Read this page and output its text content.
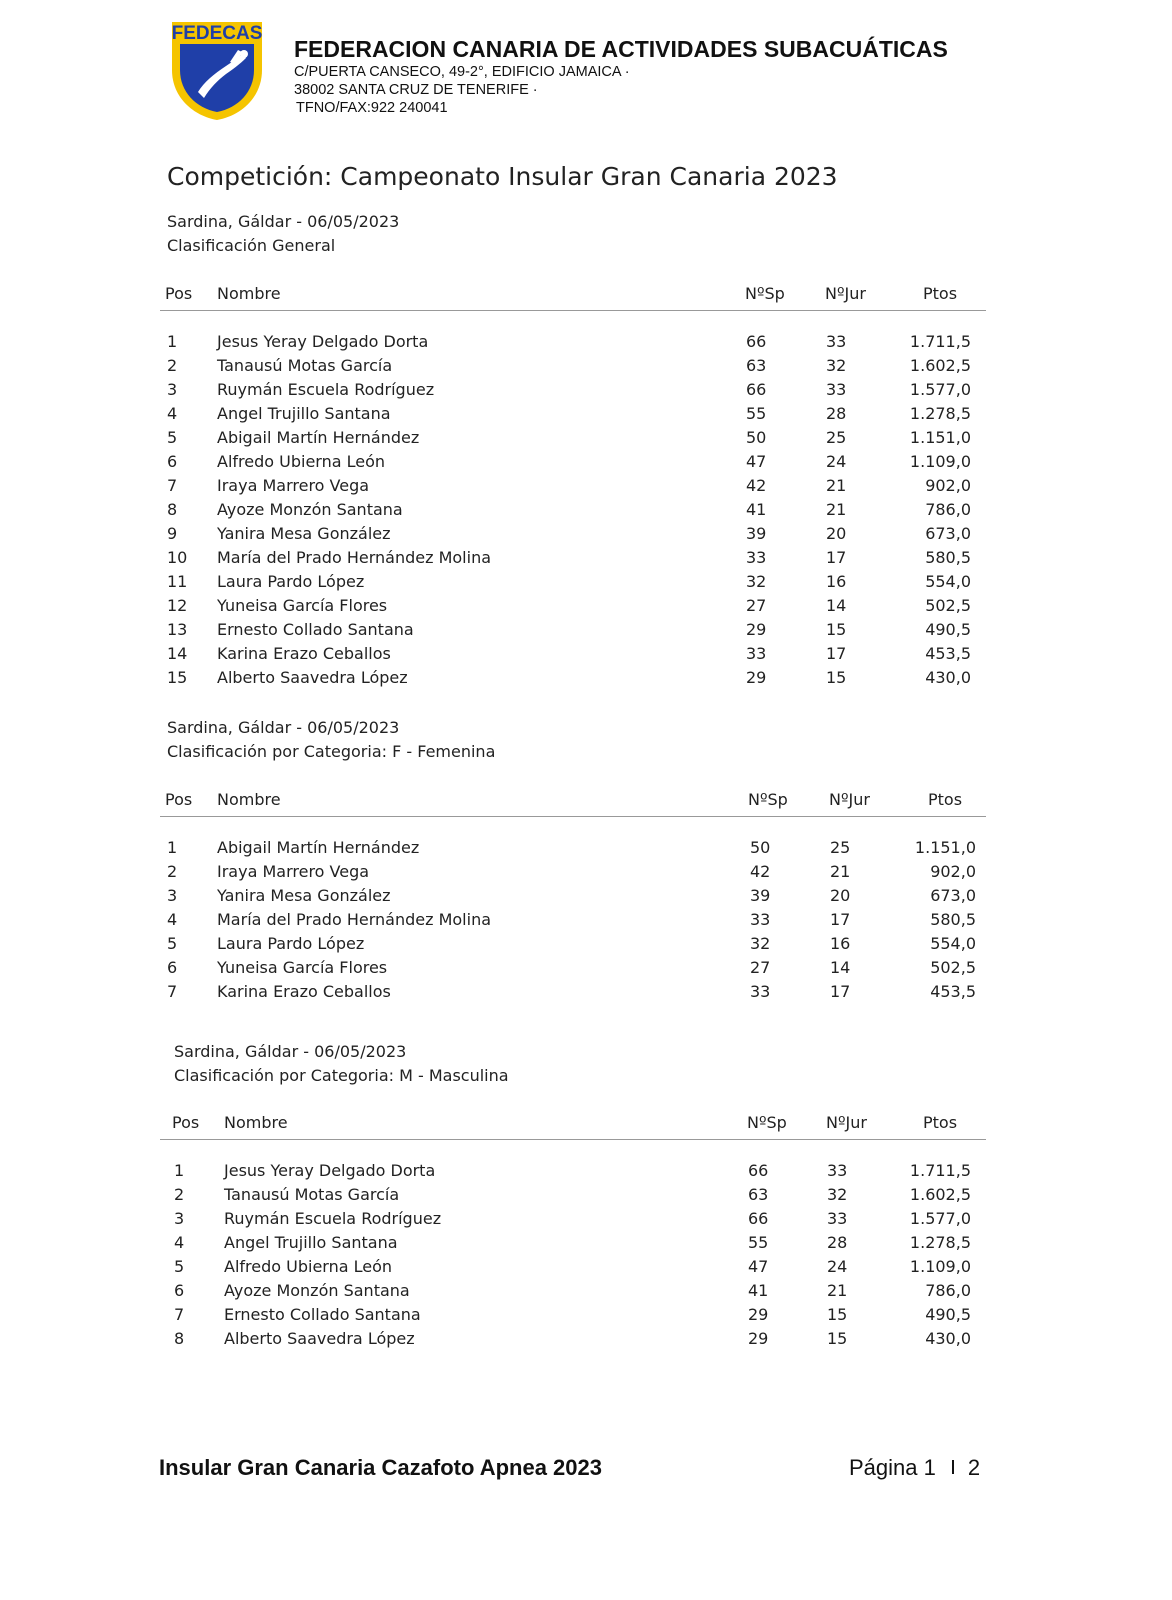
FEDECAS
FEDERACION CANARIA DE ACTIVIDADES SUBACUÁTICAS
C/PUERTA CANSECO, 49-2°, EDIFICIO JAMAICA ·
38002 SANTA CRUZ DE TENERIFE ·
TFNO/FAX:922 240041
Competición: Campeonato Insular Gran Canaria 2023
Sardina, Gáldar - 06/05/2023
Clasificación General
Pos Nombre	NºSp	NºJur	Ptos
1 Jesus Yeray Delgado Dorta	66	33	1.711,5
2 Tanausú Motas García	63	32	1.602,5
3 Ruymán Escuela Rodríguez	66	33	1.577,0
4 Angel Trujillo Santana	55	28	1.278,5
5 Abigail Martín Hernández	50	25	1.151,0
6 Alfredo Ubierna León	47	24	1.109,0
7 Iraya Marrero Vega	42	21	902,0
8 Ayoze Monzón Santana	41	21	786,0
9 Yanira Mesa González	39	20	673,0
10 María del Prado Hernández Molina	33	17	580,5
11 Laura Pardo López	32	16	554,0
12 Yuneisa García Flores	27	14	502,5
13 Ernesto Collado Santana	29	15	490,5
14 Karina Erazo Ceballos	33	17	453,5
15 Alberto Saavedra López	29	15	430,0
Sardina, Gáldar - 06/05/2023
Clasificación por Categoria: F - Femenina
Pos Nombre	NºSp	NºJur	Ptos
1 Abigail Martín Hernández	50	25	1.151,0
2 Iraya Marrero Vega	42	21	902,0
3 Yanira Mesa González	39	20	673,0
4 María del Prado Hernández Molina	33	17	580,5
5 Laura Pardo López	32	16	554,0
6 Yuneisa García Flores	27	14	502,5
7 Karina Erazo Ceballos	33	17	453,5
Sardina, Gáldar - 06/05/2023
Clasificación por Categoria: M - Masculina
Pos Nombre	NºSp NºJur	Ptos
1 Jesus Yeray Delgado Dorta	66	33	1.711,5
2 Tanausú Motas García	63	32	1.602,5
3 Ruymán Escuela Rodríguez	66	33	1.577,0
4 Angel Trujillo Santana	55	28	1.278,5
5 Alfredo Ubierna León	47	24	1.109,0
6 Ayoze Monzón Santana	41	21	786,0
7 Ernesto Collado Santana	29	15	490,5
8 Alberto Saavedra López	29	15	430,0
Insular Gran Canaria Cazafoto Apnea 2023	Página 1 2
